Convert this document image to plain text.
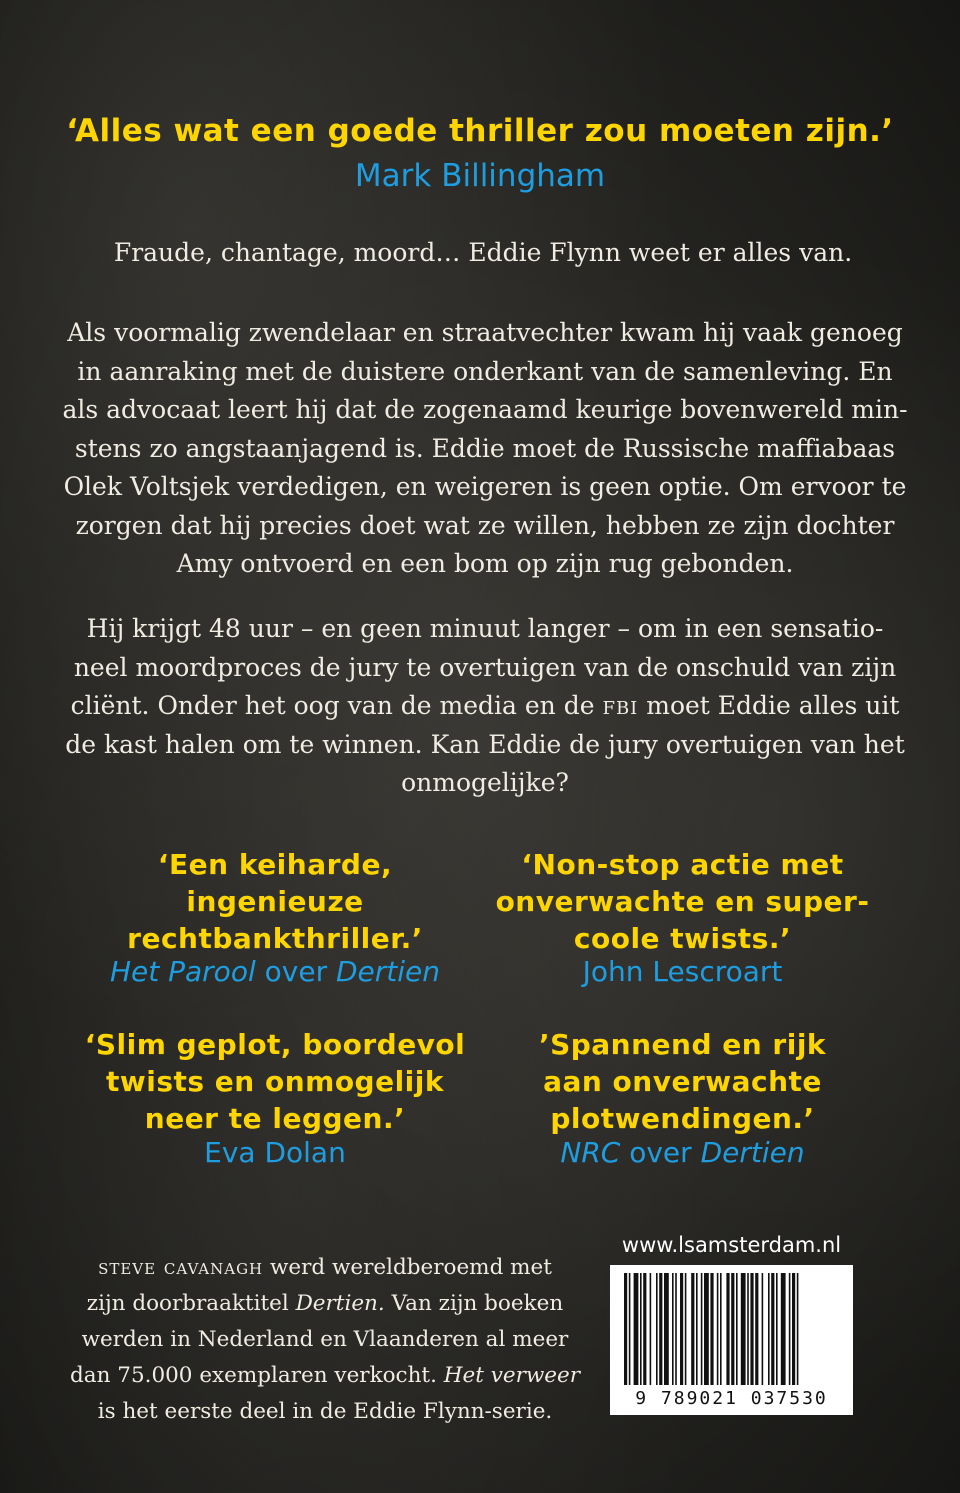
‘Alles wat een goede thriller zou moeten zijn.’
Mark Billingham
Fraude, chantage, moord… Eddie Flynn weet er alles van.
Als voormalig zwendelaar en straatvechter kwam hij vaak genoeg
in aanraking met de duistere onderkant van de samenleving. En
als advocaat leert hij dat de zogenaamd keurige bovenwereld min-
stens zo angstaanjagend is. Eddie moet de Russische maffiabaas
Olek Voltsjek verdedigen, en weigeren is geen optie. Om ervoor te
zorgen dat hij precies doet wat ze willen, hebben ze zijn dochter
Amy ontvoerd en een bom op zijn rug gebonden.
Hij krijgt 48 uur – en geen minuut langer – om in een sensatio-
neel moordproces de jury te overtuigen van de onschuld van zijn
cliënt. Onder het oog van de media en de fbi moet Eddie alles uit
de kast halen om te winnen. Kan Eddie de jury overtuigen van het
onmogelijke?
‘Een keiharde,
ingenieuze
rechtbankthriller.’
Het Parool over Dertien
‘Non-stop actie met
onverwachte en super-
coole twists.’
John Lescroart
‘Slim geplot, boordevol
twists en onmogelijk
neer te leggen.’
Eva Dolan
’Spannend en rijk
aan onverwachte
plotwendingen.’
NRC over Dertien
steve cavanagh werd wereldberoemd met
zijn doorbraaktitel Dertien. Van zijn boeken
werden in Nederland en Vlaanderen al meer
dan 75.000 exemplaren verkocht. Het verweer
is het eerste deel in de Eddie Flynn-serie.
www.lsamsterdam.nl
9 789021 037530
